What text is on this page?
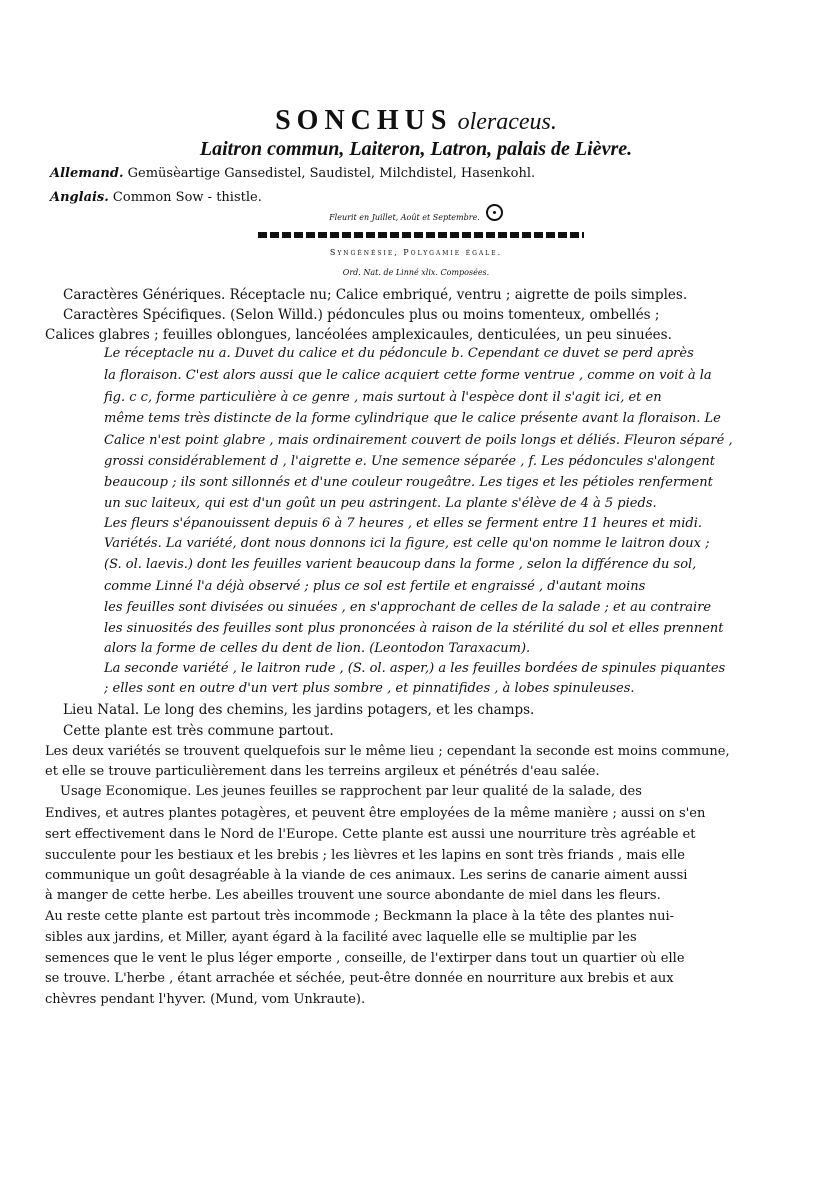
SONCHUS oleraceus.
Laitron commun, Laiteron, Latron, palais de Lièvre.
Allemand. Gemüsèartige Gansedistel, Saudistel, Milchdistel, Hasenkohl.
Anglais. Common Sow - thistle.
Fleurit en Juillet, Août et Septembre.
Syngénésie, Polygamie égale.
Ord. Nat. de Linné xlix. Composées.
Caractères Génériques. Réceptacle nu; Calice embriqué, ventru ; aigrette de poils simples.
Caractères Spécifiques. (Selon Willd.) pédoncules plus ou moins tomenteux, ombellés ;
Calices glabres ; feuilles oblongues, lancéolées amplexicaules, denticulées, un peu sinuées.
Le réceptacle nu a. Duvet du calice et du pédoncule b. Cependant ce duvet se perd après
la floraison. C'est alors aussi que le calice acquiert cette forme ventrue , comme on voit à la
fig. c c, forme particulière à ce genre , mais surtout à l'espèce dont il s'agit ici, et en
même tems très distincte de la forme cylindrique que le calice présente avant la floraison. Le
Calice n'est point glabre , mais ordinairement couvert de poils longs et déliés. Fleuron séparé ,
grossi considérablement d , l'aigrette e. Une semence séparée , f. Les pédoncules s'alongent
beaucoup ; ils sont sillonnés et d'une couleur rougeâtre. Les tiges et les pétioles renferment
un suc laiteux, qui est d'un goût un peu astringent. La plante s'élève de 4 à 5 pieds.
Les fleurs s'épanouissent depuis 6 à 7 heures , et elles se ferment entre 11 heures et midi.
Variétés. La variété, dont nous donnons ici la figure, est celle qu'on nomme le laitron doux ;
(S. ol. laevis.) dont les feuilles varient beaucoup dans la forme , selon la différence du sol,
comme Linné l'a déjà observé ; plus ce sol est fertile et engraissé , d'autant moins
les feuilles sont divisées ou sinuées , en s'approchant de celles de la salade ; et au contraire
les sinuosités des feuilles sont plus prononcées à raison de la stérilité du sol et elles prennent
alors la forme de celles du dent de lion. (Leontodon Taraxacum).
La seconde variété , le laitron rude , (S. ol. asper,) a les feuilles bordées de spinules piquantes
; elles sont en outre d'un vert plus sombre , et pinnatifides , à lobes spinuleuses.
Lieu Natal. Le long des chemins, les jardins potagers, et les champs.
Cette plante est très commune partout.
Les deux variétés se trouvent quelquefois sur le même lieu ; cependant la seconde est moins commune,
et elle se trouve particulièrement dans les terreins argileux et pénétrés d'eau salée.
Usage Economique. Les jeunes feuilles se rapprochent par leur qualité de la salade, des
Endives, et autres plantes potagères, et peuvent être employées de la même manière ; aussi on s'en
sert effectivement dans le Nord de l'Europe. Cette plante est aussi une nourriture très agréable et
succulente pour les bestiaux et les brebis ; les lièvres et les lapins en sont très friands , mais elle
communique un goût desagréable à la viande de ces animaux. Les serins de canarie aiment aussi
à manger de cette herbe. Les abeilles trouvent une source abondante de miel dans les fleurs.
Au reste cette plante est partout très incommode ; Beckmann la place à la tête des plantes nui-
sibles aux jardins, et Miller, ayant égard à la facilité avec laquelle elle se multiplie par les
semences que le vent le plus léger emporte , conseille, de l'extirper dans tout un quartier où elle
se trouve. L'herbe , étant arrachée et séchée, peut-être donnée en nourriture aux brebis et aux
chèvres pendant l'hyver. (Mund, vom Unkraute).
